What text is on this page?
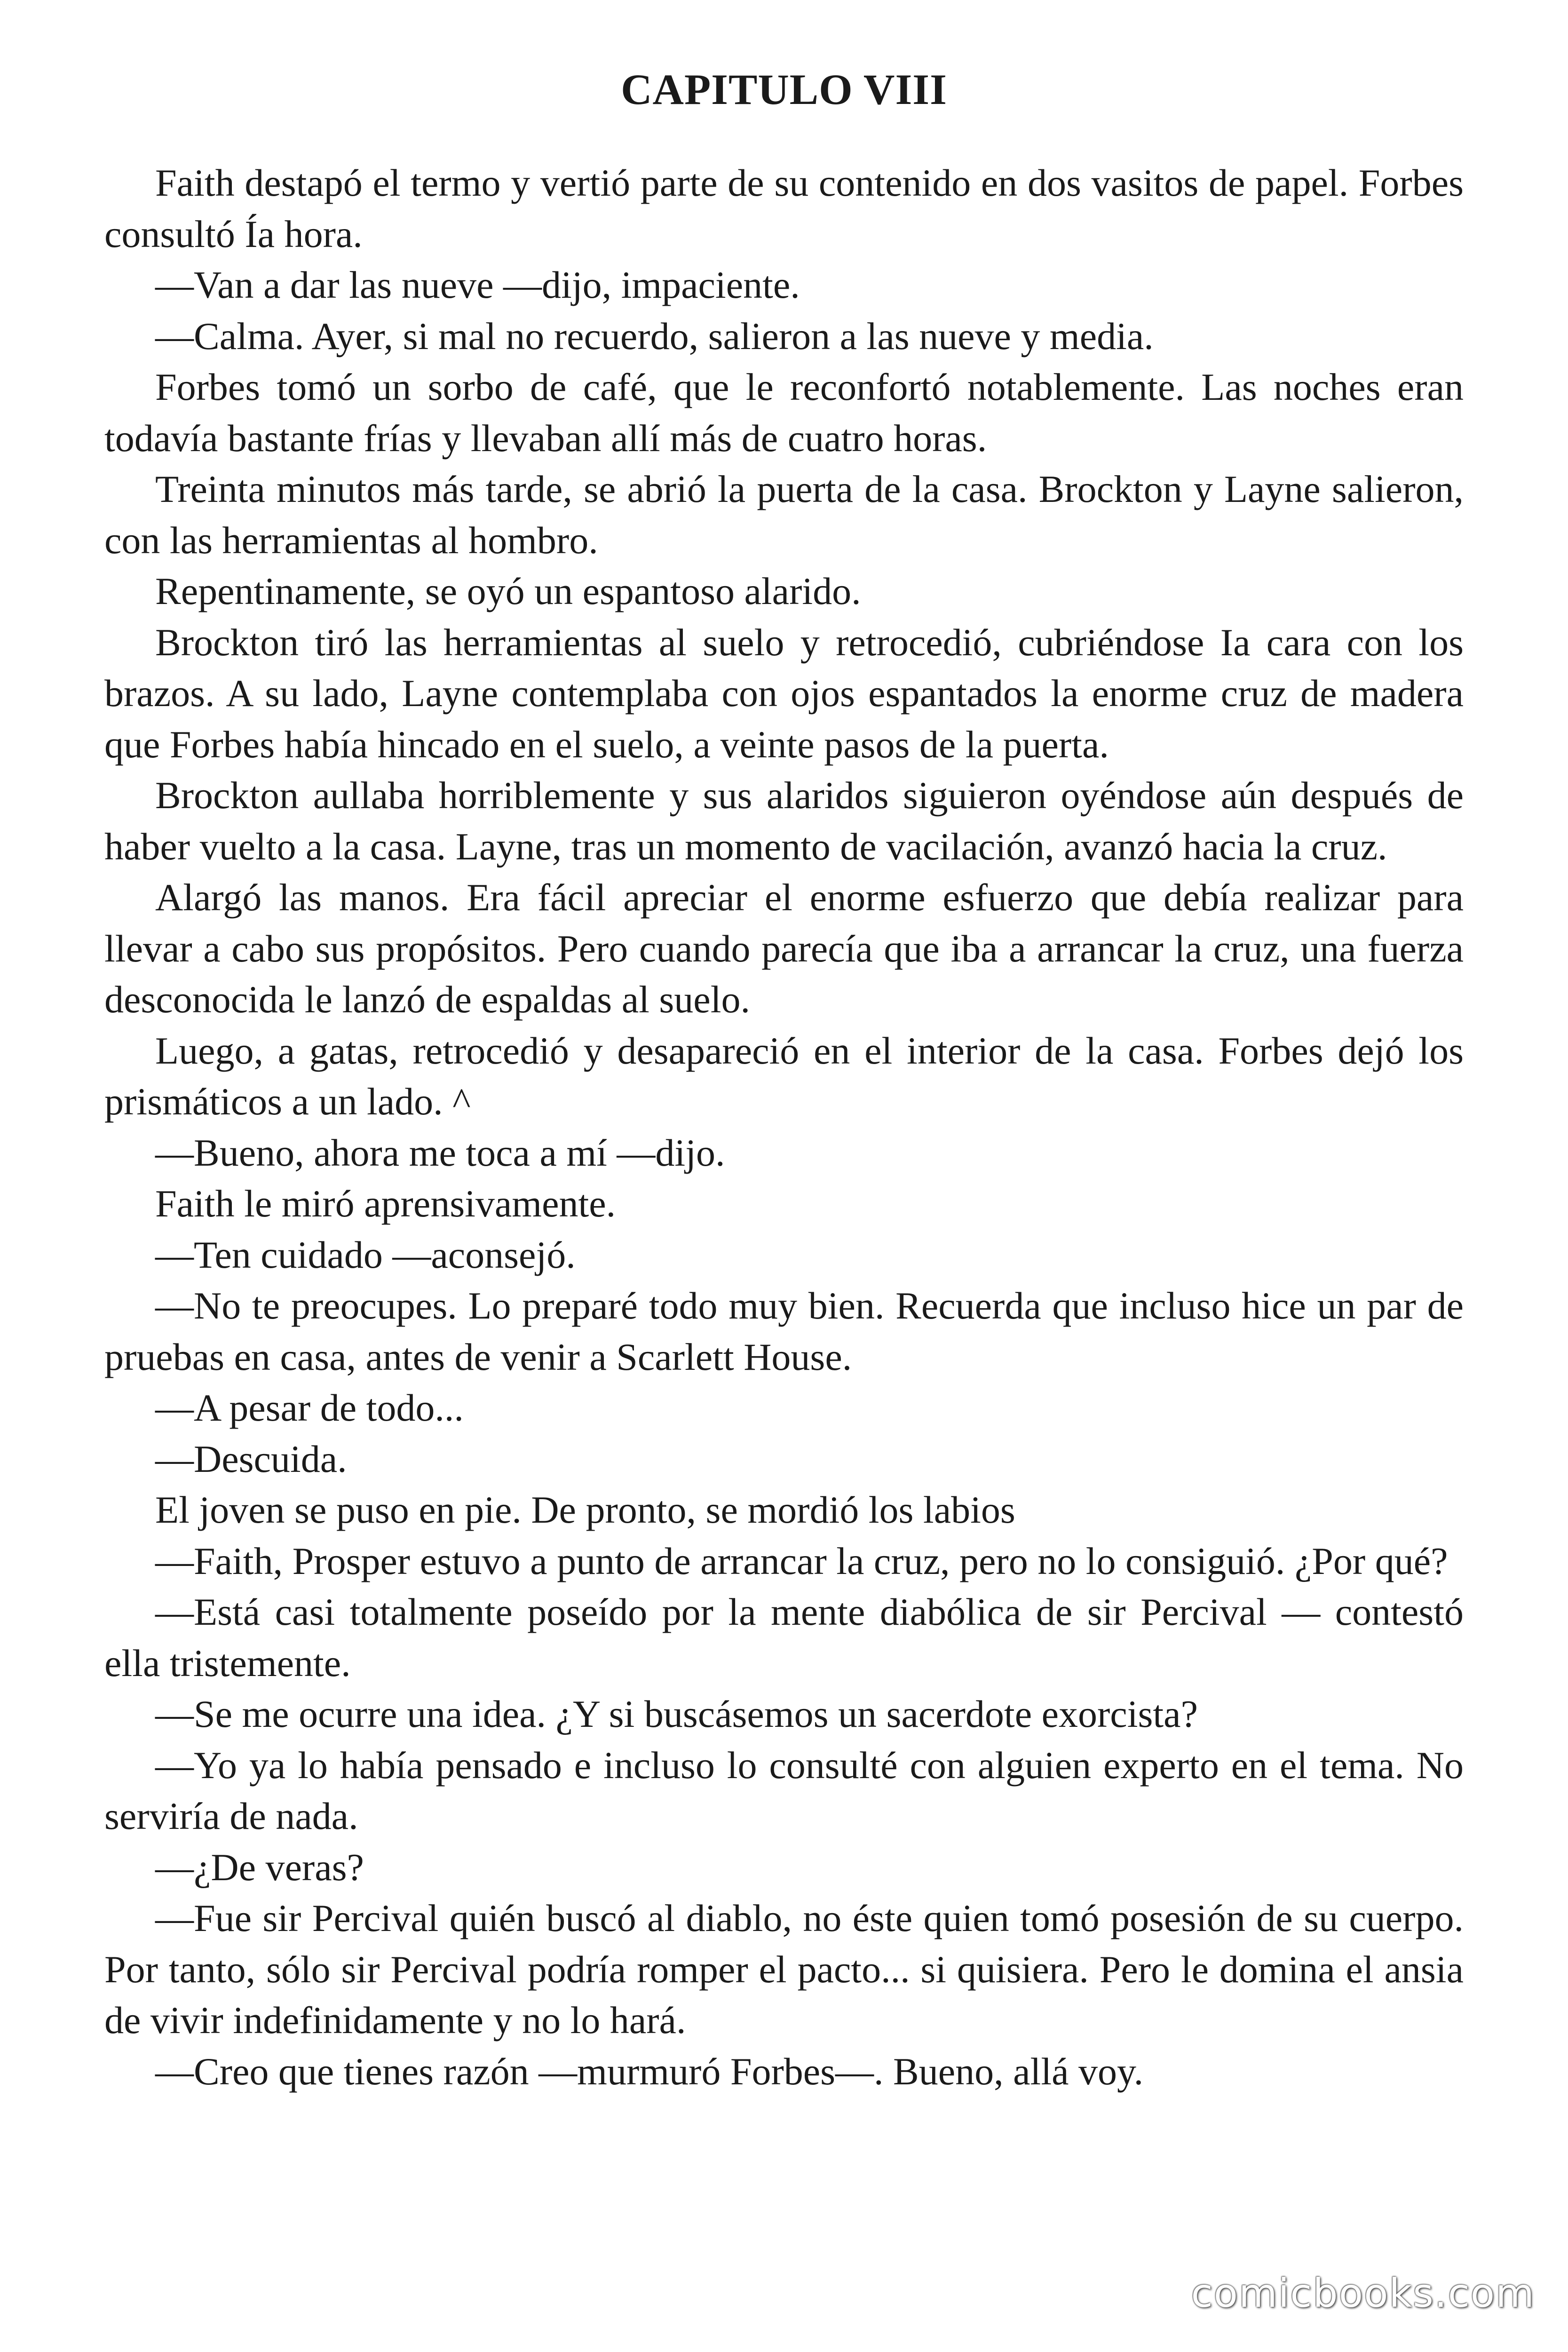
CAPITULO VIII

Faith destapó el termo y vertió parte de su contenido en dos vasitos de papel. Forbes consultó Ía hora.

—Van a dar las nueve —dijo, impaciente.

—Calma. Ayer, si mal no recuerdo, salieron a las nueve y media.

Forbes tomó un sorbo de café, que le reconfortó notablemente. Las noches eran todavía bastante frías y llevaban allí más de cuatro horas.

Treinta minutos más tarde, se abrió la puerta de la casa. Brockton y Layne salieron, con las herramientas al hombro.

Repentinamente, se oyó un espantoso alarido.

Brockton tiró las herramientas al suelo y retrocedió, cubriéndose Ia cara con los brazos. A su lado, Layne contemplaba con ojos espantados la enorme cruz de madera que Forbes había hincado en el suelo, a veinte pasos de la puerta.

Brockton aullaba horriblemente y sus alaridos siguieron oyéndose aún después de haber vuelto a la casa. Layne, tras un momento de vacilación, avanzó hacia la cruz.

Alargó las manos. Era fácil apreciar el enorme esfuerzo que debía realizar para llevar a cabo sus propósitos. Pero cuando parecía que iba a arrancar la cruz, una fuerza desconocida le lanzó de espaldas al suelo.

Luego, a gatas, retrocedió y desapareció en el interior de la casa. Forbes dejó los prismáticos a un lado. ^

—Bueno, ahora me toca a mí —dijo.

Faith le miró aprensivamente.

—Ten cuidado —aconsejó.

—No te preocupes. Lo preparé todo muy bien. Recuerda que incluso hice un par de pruebas en casa, antes de venir a Scarlett House.

—A pesar de todo...

—Descuida.

El joven se puso en pie. De pronto, se mordió los labios

—Faith, Prosper estuvo a punto de arrancar la cruz, pero no lo consiguió. ¿Por qué?

—Está casi totalmente poseído por la mente diabólica de sir Percival — contestó ella tristemente.

—Se me ocurre una idea. ¿Y si buscásemos un sacerdote exorcista?

—Yo ya lo había pensado e incluso lo consulté con alguien experto en el tema. No serviría de nada.

—¿De veras?

—Fue sir Percival quién buscó al diablo, no éste quien tomó posesión de su cuerpo. Por tanto, sólo sir Percival podría romper el pacto... si quisiera. Pero le domina el ansia de vivir indefinidamente y no lo hará.

—Creo que tienes razón —murmuró Forbes—. Bueno, allá voy.

comicbooks.com
